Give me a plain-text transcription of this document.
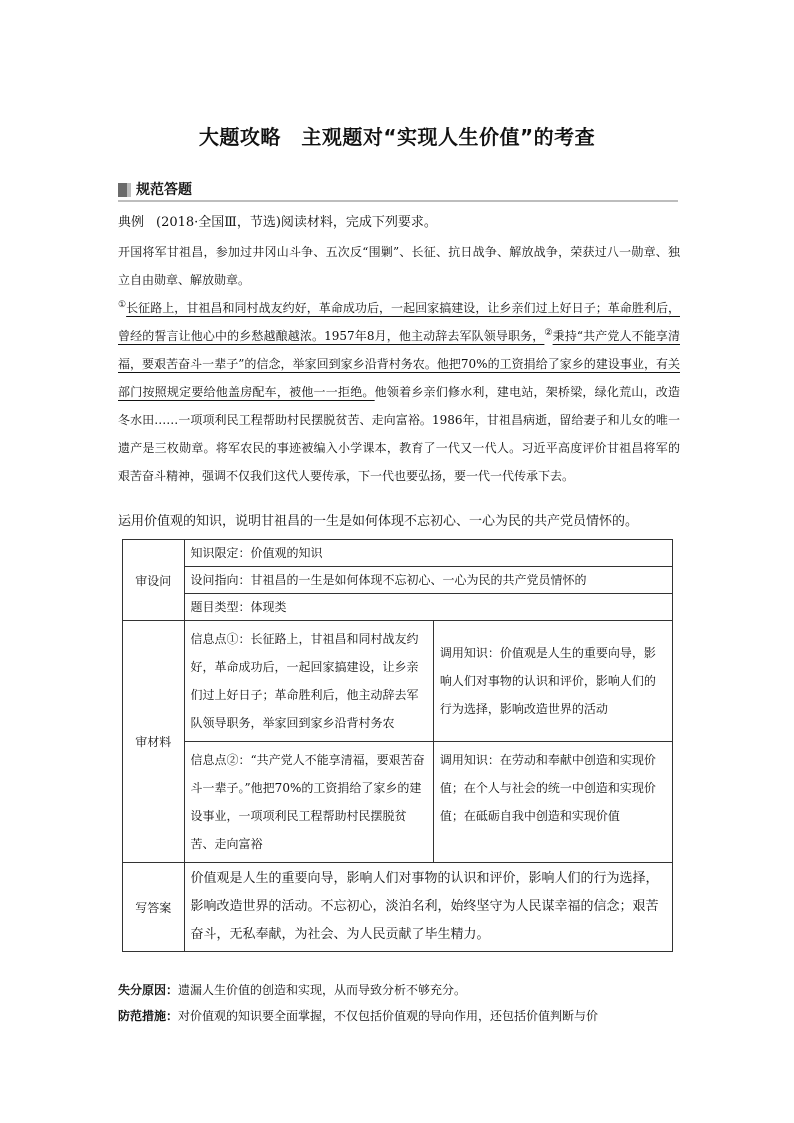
大题攻略　主观题对“实现人生价值”的考查
规范答题
典例 (2018·全国Ⅲ，节选)阅读材料，完成下列要求。

开国将军甘祖昌，参加过井冈山斗争、五次反“围剿”、长征、抗日战争、解放战争，荣获过八一勋章、独立自由勋章、解放勋章。

①长征路上，甘祖昌和同村战友约好，革命成功后，一起回家搞建设，让乡亲们过上好日子；革命胜利后，曾经的誓言让他心中的乡愁越酿越浓。1957年8月，他主动辞去军队领导职务，②秉持“共产党人不能享清福，要艰苦奋斗一辈子”的信念，举家回到家乡沿背村务农。他把70%的工资捐给了家乡的建设事业，有关部门按照规定要给他盖房配车，被他一一拒绝。他领着乡亲们修水利，建电站，架桥梁，绿化荒山，改造冬水田……一项项利民工程帮助村民摆脱贫苦、走向富裕。1986年，甘祖昌病逝，留给妻子和儿女的唯一遗产是三枚勋章。将军农民的事迹被编入小学课本，教育了一代又一代人。习近平高度评价甘祖昌将军的艰苦奋斗精神，强调不仅我们这代人要传承，下一代也要弘扬，要一代一代传承下去。

运用价值观的知识，说明甘祖昌的一生是如何体现不忘初心、一心为民的共产党员情怀的。
审设问	知识限定：价值观的知识
设问指向：甘祖昌的一生是如何体现不忘初心、一心为民的共产党员情怀的
题目类型：体现类	

审材料	信息点①：长征路上，甘祖昌和同村战友约好，革命成功后，一起回家搞建设，让乡亲们过上好日子；革命胜利后，他主动辞去军队领导职务，举家回到家乡沿背村务农	调用知识：价值观是人生的重要向导，影响人们对事物的认识和评价，影响人们的行为选择，影响改造世界的活动

	信息点②：“共产党人不能享清福，要艰苦奋斗一辈子。”他把70%的工资捐给了家乡的建设事业，一项项利民工程帮助村民摆脱贫苦、走向富裕	调用知识：在劳动和奉献中创造和实现价值；在个人与社会的统一中创造和实现价值；在砥砺自我中创造和实现价值

写答案	价值观是人生的重要向导，影响人们对事物的认识和评价，影响人们的行为选择，影响改造世界的活动。不忘初心，淡泊名利，始终坚守为人民谋幸福的信念；艰苦奋斗，无私奉献，为社会、为人民贡献了毕生精力。	
失分原因：遗漏人生价值的创造和实现，从而导致分析不够充分。
防范措施：对价值观的知识要全面掌握，不仅包括价值观的导向作用，还包括价值判断与价
